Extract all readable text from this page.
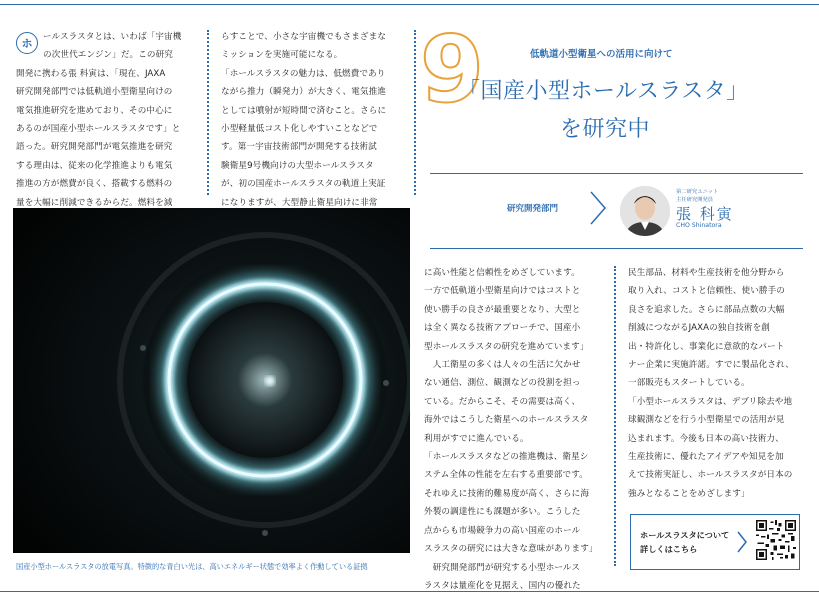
ホ	ールスラスタとは、いわば「宇宙機

の次世代エンジン」だ。この研究

開発に携わる張 科寅は、「現在、JAXA

研究開発部門では低軌道小型衛星向けの

電気推進研究を進めており、その中心に

あるのが国産小型ホールスラスタです」と

語った。研究開発部門が電気推進を研究

する理由は、従来の化学推進よりも電気

推進の方が燃費が良く、搭載する燃料の

量を大幅に削減できるからだ。燃料を減

らすことで、小さな宇宙機でもさまざまな

ミッションを実施可能になる。

「ホールスラスタの魅力は、低燃費であり

ながら推力（瞬発力）が大きく、電気推進

としては噴射が短時間で済むこと。さらに

小型軽量低コスト化しやすいことなどで

す。第一宇宙技術部門が開発する技術試

験衛星9号機向けの大型ホールスラスタ

が、初の国産ホールスラスタの軌道上実証

になりますが、大型静止衛星向けに非常

国産小型ホールスラスタの放電写真。特徴的な青白い光は、高いエネルギー状態で効率よく作動している証拠
9	低軌道小型衛星への活用に向けて
「国産小型ホールスラスタ」
を研究中
研究開発部門
第二研究ユニット
主任研究開発員
張 科寅
CHO Shinatora

に高い性能と信頼性をめざしています。

一方で低軌道小型衛星向けではコストと

使い勝手の良さが最重要となり、大型と

は全く異なる技術アプローチで、国産小

型ホールスラスタの研究を進めています」

　人工衛星の多くは人々の生活に欠かせ

ない通信、測位、観測などの役割を担っ

ている。だからこそ、その需要は高く、

海外ではこうした衛星へのホールスラスタ

利用がすでに進んでいる。

「ホールスラスタなどの推進機は、衛星シ

ステム全体の性能を左右する重要部です。

それゆえに技術的難易度が高く、さらに海

外製の調達性にも課題が多い。こうした

点からも市場競争力の高い国産のホール

スラスタの研究には大きな意味があります」

　研究開発部門が研究する小型ホールス

ラスタは量産化を見据え、国内の優れた

民生部品、材料や生産技術を他分野から

取り入れ、コストと信頼性、使い勝手の

良さを追求した。さらに部品点数の大幅

削減につながるJAXAの独自技術を創

出・特許化し、事業化に意欲的なパート

ナー企業に実施許諾。すでに製品化され、

一部販売もスタートしている。

「小型ホールスラスタは、デブリ除去や地

球観測などを行う小型衛星での活用が見

込まれます。今後も日本の高い技術力、

生産技術に、優れたアイデアや知見を加

えて技術実証し、ホールスラスタが日本の

強みとなることをめざします」

ホールスラスタについて
詳しくはこちら
